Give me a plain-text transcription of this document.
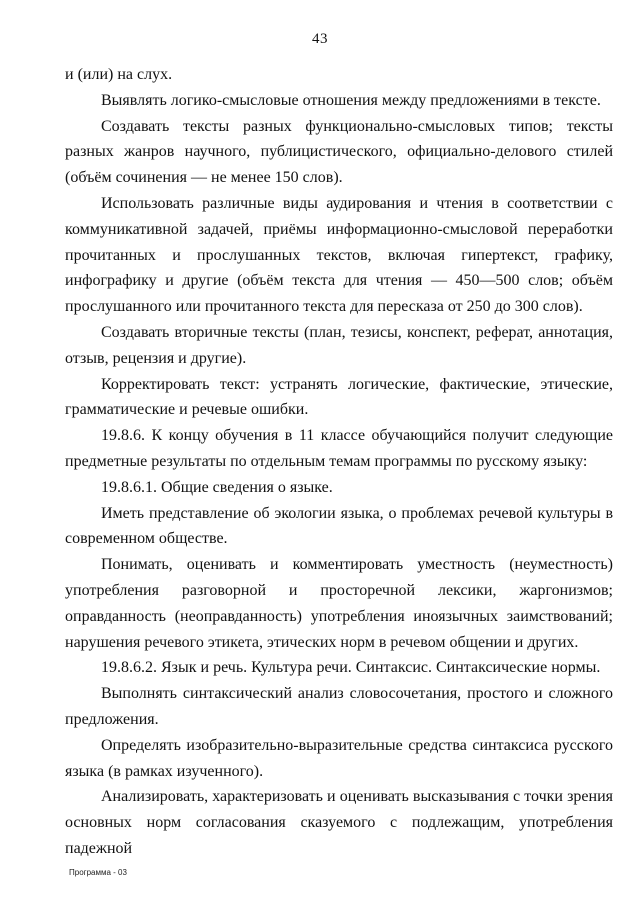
43

и (или) на слух.

Выявлять логико-смысловые отношения между предложениями в тексте.

Создавать тексты разных функционально-смысловых типов; тексты разных жанров научного, публицистического, официально-делового стилей (объём сочинения — не менее 150 слов).

Использовать различные виды аудирования и чтения в соответствии с коммуникативной задачей, приёмы информационно-смысловой переработки прочитанных и прослушанных текстов, включая гипертекст, графику, инфографику и другие (объём текста для чтения — 450—500 слов; объём прослушанного или прочитанного текста для пересказа от 250 до 300 слов).

Создавать вторичные тексты (план, тезисы, конспект, реферат, аннотация, отзыв, рецензия и другие).

Корректировать текст: устранять логические, фактические, этические, грамматические и речевые ошибки.

19.8.6. К концу обучения в 11 классе обучающийся получит следующие предметные результаты по отдельным темам программы по русскому языку:

19.8.6.1. Общие сведения о языке.

Иметь представление об экологии языка, о проблемах речевой культуры в современном обществе.

Понимать, оценивать и комментировать уместность (неуместность) употребления разговорной и просторечной лексики, жаргонизмов; оправданность (неоправданность) употребления иноязычных заимствований; нарушения речевого этикета, этических норм в речевом общении и других.

19.8.6.2. Язык и речь. Культура речи. Синтаксис. Синтаксические нормы.

Выполнять синтаксический анализ словосочетания, простого и сложного предложения.

Определять изобразительно-выразительные средства синтаксиса русского языка (в рамках изученного).

Анализировать, характеризовать и оценивать высказывания с точки зрения основных норм согласования сказуемого с подлежащим, употребления падежной

Программа - 03
